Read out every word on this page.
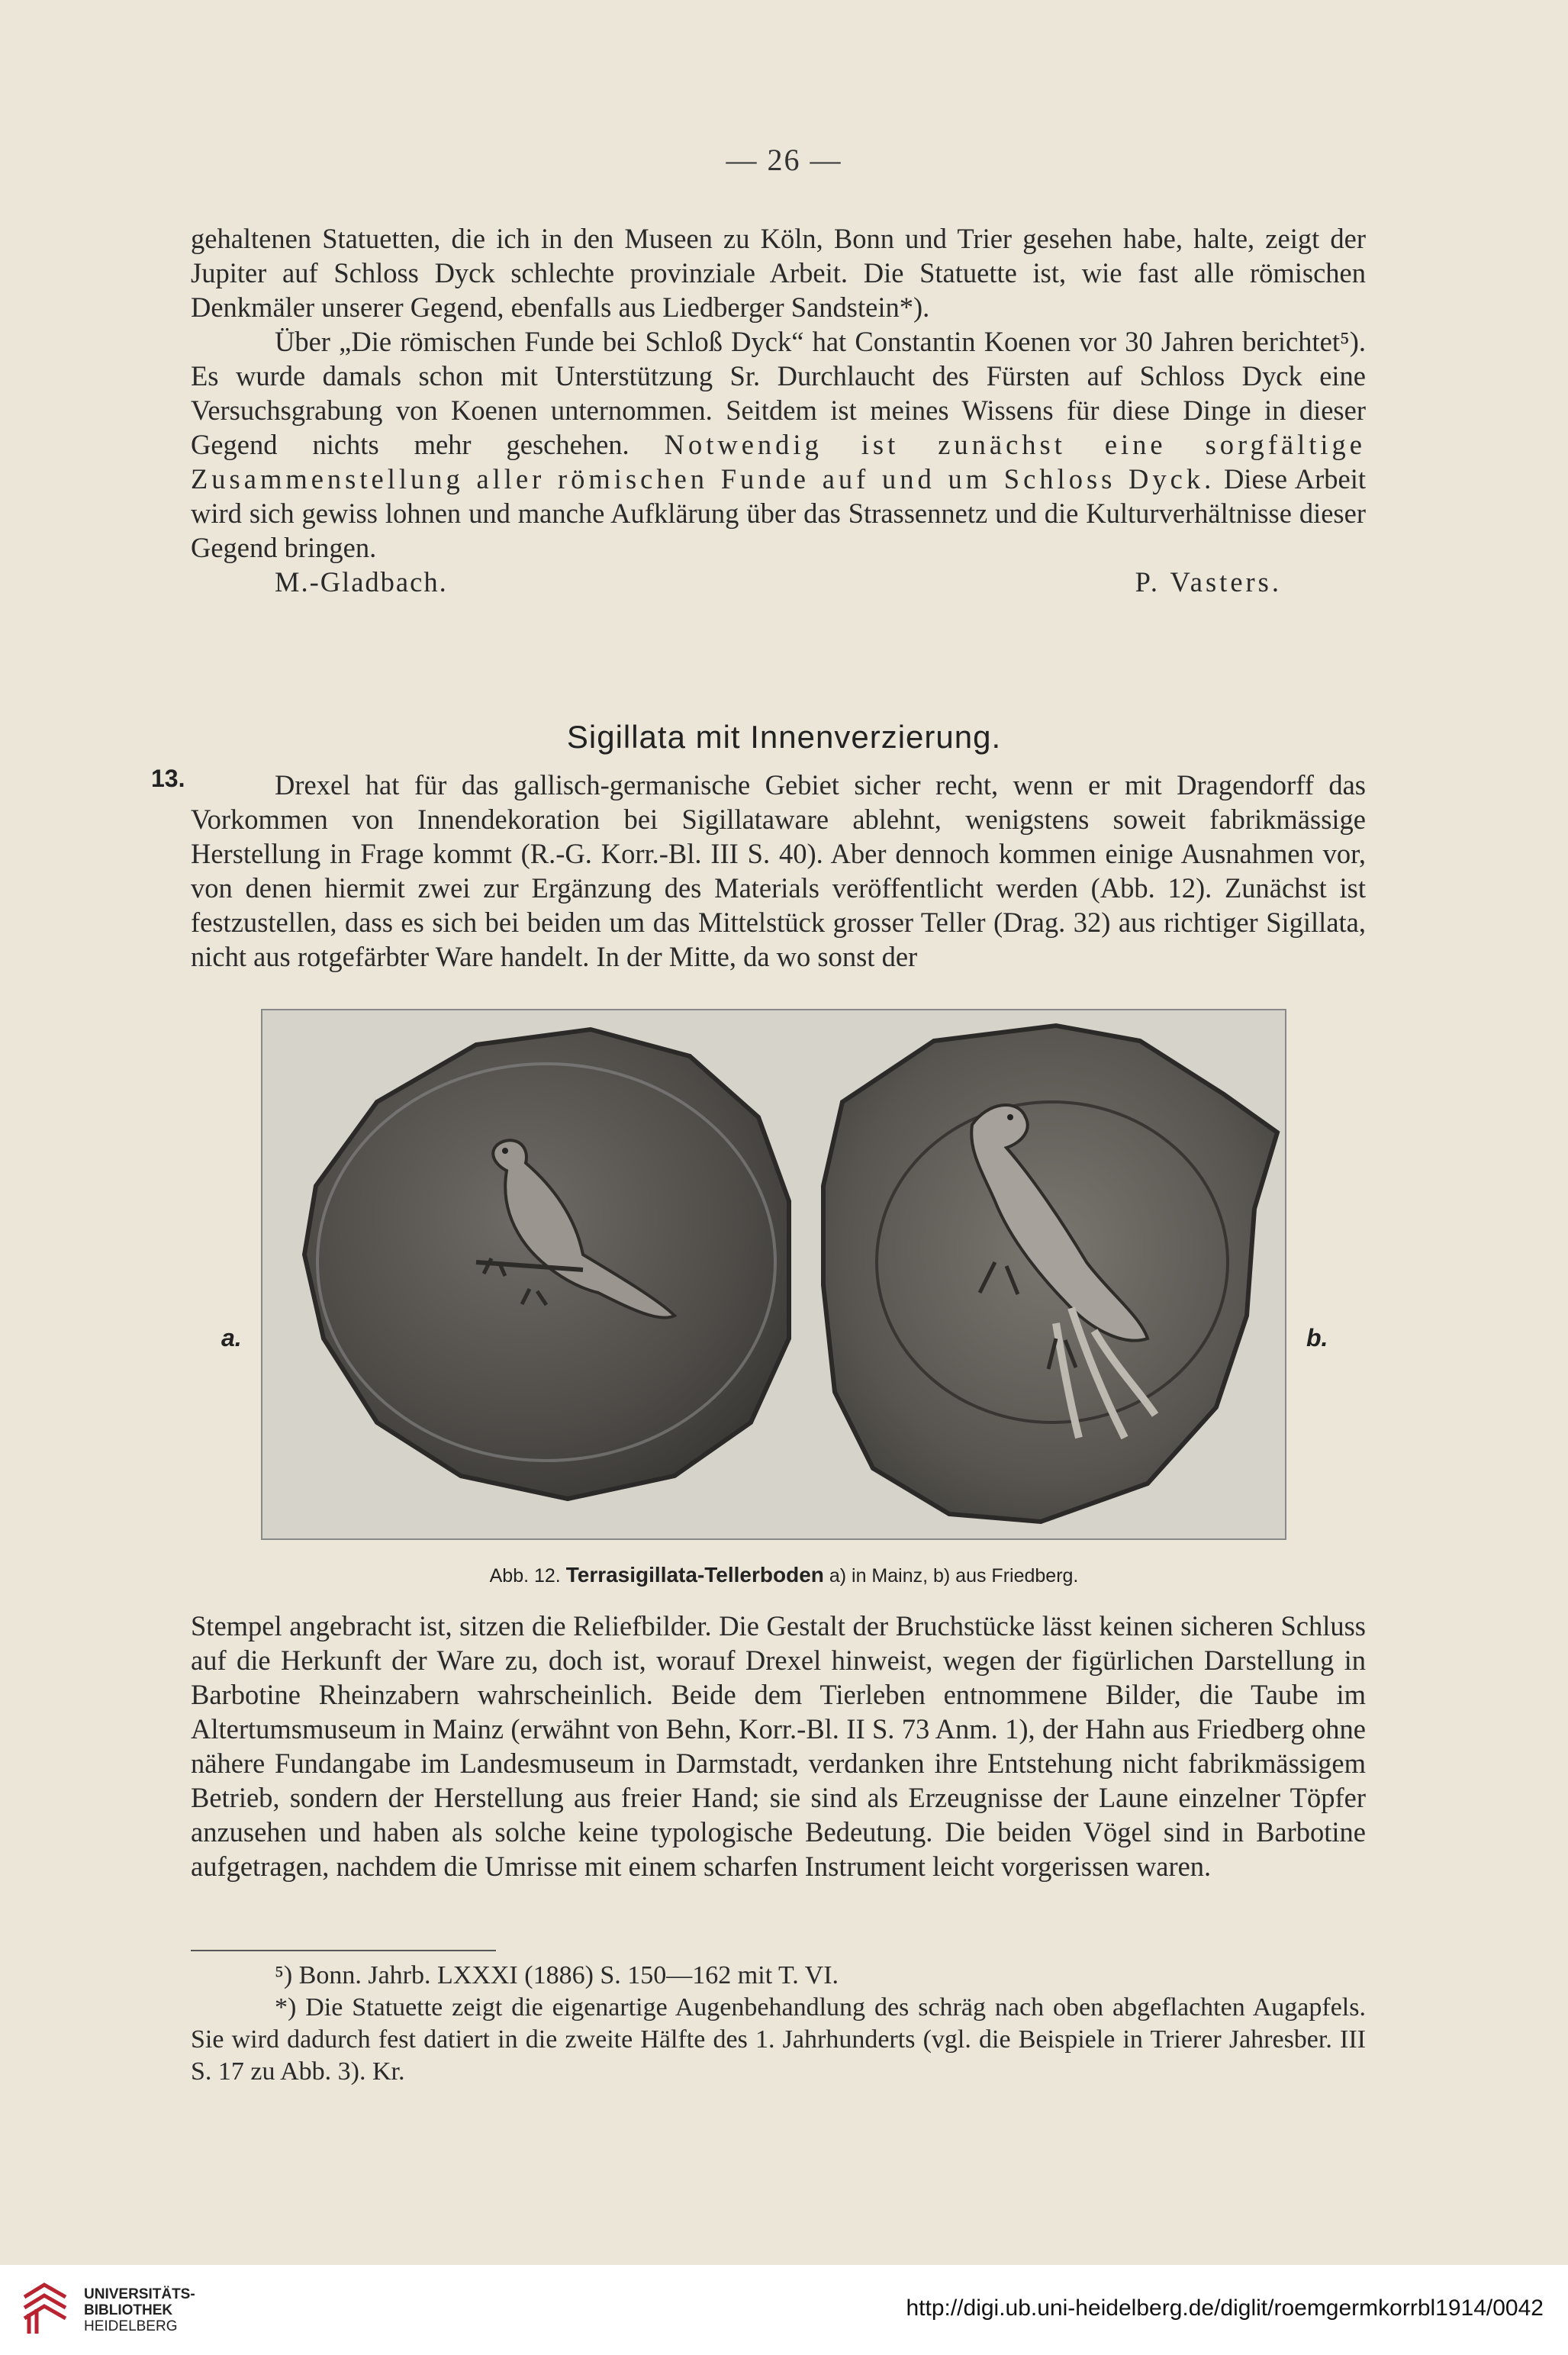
— 26 —

gehaltenen Statuetten, die ich in den Museen zu Köln, Bonn und Trier gesehen habe, halte, zeigt der Jupiter auf Schloss Dyck schlechte provinziale Arbeit. Die Statuette ist, wie fast alle römischen Denkmäler unserer Gegend, ebenfalls aus Liedberger Sandstein*).

Über „Die römischen Funde bei Schloß Dyck“ hat Constantin Koenen vor 30 Jahren berichtet⁵). Es wurde damals schon mit Unterstützung Sr. Durchlaucht des Fürsten auf Schloss Dyck eine Versuchsgrabung von Koenen unternommen. Seitdem ist meines Wissens für diese Dinge in dieser Gegend nichts mehr geschehen. Notwendig ist zunächst eine sorgfältige Zusammenstellung aller römischen Funde auf und um Schloss Dyck. Diese Arbeit wird sich gewiss lohnen und manche Aufklärung über das Strassennetz und die Kulturverhältnisse dieser Gegend bringen.

M.-Gladbach.	P. Vasters.
Sigillata mit Innenverzierung.
13.	Drexel hat für das gallisch-germanische Gebiet sicher recht, wenn er mit Dragendorff das Vorkommen von Innendekoration bei Sigillataware ablehnt, wenigstens soweit fabrikmässige Herstellung in Frage kommt (R.-G. Korr.-Bl. III S. 40). Aber dennoch kommen einige Ausnahmen vor, von denen hiermit zwei zur Ergänzung des Materials veröffentlicht werden (Abb. 12). Zunächst ist festzustellen, dass es sich bei beiden um das Mittelstück grosser Teller (Drag. 32) aus richtiger Sigillata, nicht aus rotgefärbter Ware handelt. In der Mitte, da wo sonst der

a.	b.
Abb. 12. Terrasigillata-Tellerboden a) in Mainz, b) aus Friedberg.

Stempel angebracht ist, sitzen die Reliefbilder. Die Gestalt der Bruchstücke lässt keinen sicheren Schluss auf die Herkunft der Ware zu, doch ist, worauf Drexel hinweist, wegen der figürlichen Darstellung in Barbotine Rheinzabern wahrscheinlich. Beide dem Tierleben entnommene Bilder, die Taube im Altertumsmuseum in Mainz (erwähnt von Behn, Korr.-Bl. II S. 73 Anm. 1), der Hahn aus Friedberg ohne nähere Fundangabe im Landesmuseum in Darmstadt, verdanken ihre Entstehung nicht fabrikmässigem Betrieb, sondern der Herstellung aus freier Hand; sie sind als Erzeugnisse der Laune einzelner Töpfer anzusehen und haben als solche keine typologische Bedeutung. Die beiden Vögel sind in Barbotine aufgetragen, nachdem die Umrisse mit einem scharfen Instrument leicht vorgerissen waren.

⁵) Bonn. Jahrb. LXXXI (1886) S. 150—162 mit T. VI.

*) Die Statuette zeigt die eigenartige Augenbehandlung des schräg nach oben abgeflachten Augapfels. Sie wird dadurch fest datiert in die zweite Hälfte des 1. Jahrhunderts (vgl. die Beispiele in Trierer Jahresber. III S. 17 zu Abb. 3). Kr.

UNIVERSITÄTS-
BIBLIOTHEK
HEIDELBERG
http://digi.ub.uni-heidelberg.de/diglit/roemgermkorrbl1914/0042
